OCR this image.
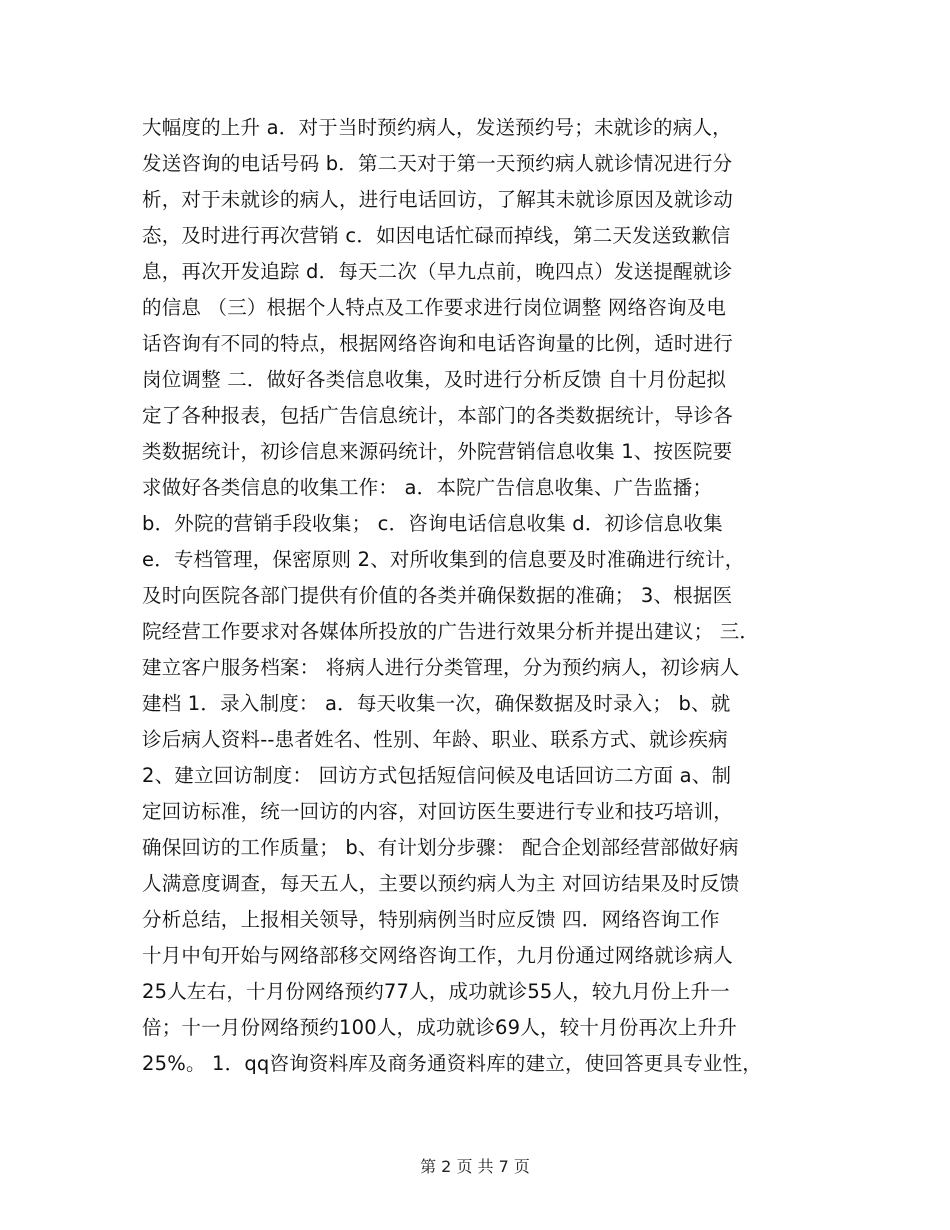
大幅度的上升 a．对于当时预约病人，发送预约号；未就诊的病人，
发送咨询的电话号码 b．第二天对于第一天预约病人就诊情况进行分
析，对于未就诊的病人，进行电话回访，了解其未就诊原因及就诊动
态，及时进行再次营销 c．如因电话忙碌而掉线，第二天发送致歉信
息，再次开发追踪 d．每天二次（早九点前，晚四点）发送提醒就诊
的信息 （三）根据个人特点及工作要求进行岗位调整 网络咨询及电
话咨询有不同的特点，根据网络咨询和电话咨询量的比例，适时进行
岗位调整 二．做好各类信息收集，及时进行分析反馈 自十月份起拟
定了各种报表，包括广告信息统计，本部门的各类数据统计，导诊各
类数据统计，初诊信息来源码统计，外院营销信息收集 1、按医院要
求做好各类信息的收集工作： a．本院广告信息收集、广告监播；
b．外院的营销手段收集； c．咨询电话信息收集 d．初诊信息收集
e．专档管理，保密原则 2、对所收集到的信息要及时准确进行统计，
及时向医院各部门提供有价值的各类并确保数据的准确； 3、根据医
院经营工作要求对各媒体所投放的广告进行效果分析并提出建议； 三．
建立客户服务档案： 将病人进行分类管理，分为预约病人，初诊病人
建档 1．录入制度： a．每天收集一次，确保数据及时录入； b、就
诊后病人资料--患者姓名、性别、年龄、职业、联系方式、就诊疾病
2、建立回访制度： 回访方式包括短信问候及电话回访二方面 a、制
定回访标准，统一回访的内容，对回访医生要进行专业和技巧培训，
确保回访的工作质量； b、有计划分步骤： 配合企划部经营部做好病
人满意度调查，每天五人，主要以预约病人为主 对回访结果及时反馈
分析总结，上报相关领导，特别病例当时应反馈 四．网络咨询工作
十月中旬开始与网络部移交网络咨询工作，九月份通过网络就诊病人
25人左右，十月份网络预约77人，成功就诊55人，较九月份上升一
倍；十一月份网络预约100人，成功就诊69人，较十月份再次上升升
25%。 1．qq咨询资料库及商务通资料库的建立，使回答更具专业性，
第 2 页 共 7 页
